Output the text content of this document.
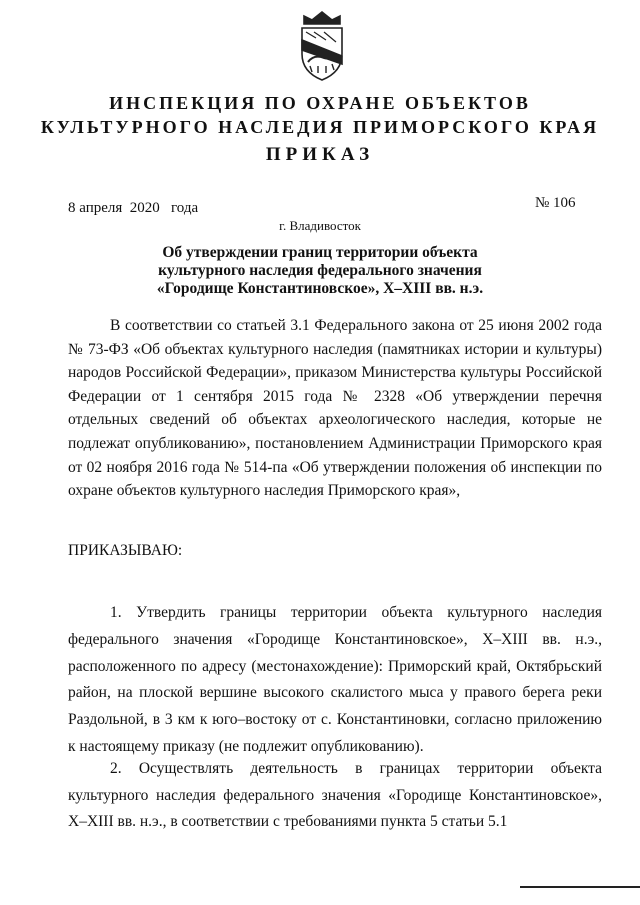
ИНСПЕКЦИЯ ПО ОХРАНЕ ОБЪЕКТОВ
КУЛЬТУРНОГО НАСЛЕДИЯ ПРИМОРСКОГО КРАЯ
ПРИКАЗ
8 апреля  2020   года	№ 106
г. Владивосток
Об утверждении границ территории объекта
культурного наследия федерального значения
«Городище Константиновское», X–XIII вв. н.э.
В соответствии со статьей 3.1 Федерального закона от 25 июня 2002 года № 73-ФЗ «Об объектах культурного наследия (памятниках истории и культуры) народов Российской Федерации», приказом Министерства культуры Российской Федерации от 1 сентября 2015 года № 2328 «Об утверждении перечня отдельных сведений об объектах археологического наследия, которые не подлежат опубликованию», постановлением Администрации Приморского края от 02 ноября 2016 года № 514-па «Об утверждении положения об инспекции по охране объектов культурного наследия Приморского края»,
ПРИКАЗЫВАЮ:
1. Утвердить границы территории объекта культурного наследия федерального значения «Городище Константиновское», X–XIII вв. н.э., расположенного по адресу (местонахождение): Приморский край, Октябрьский район, на плоской вершине высокого скалистого мыса у правого берега реки Раздольной, в 3 км к юго–востоку от с. Константиновки, согласно приложению к настоящему приказу (не подлежит опубликованию).
2. Осуществлять деятельность в границах территории объекта культурного наследия федерального значения «Городище Константиновское», X–XIII вв. н.э., в соответствии с требованиями пункта 5 статьи 5.1
